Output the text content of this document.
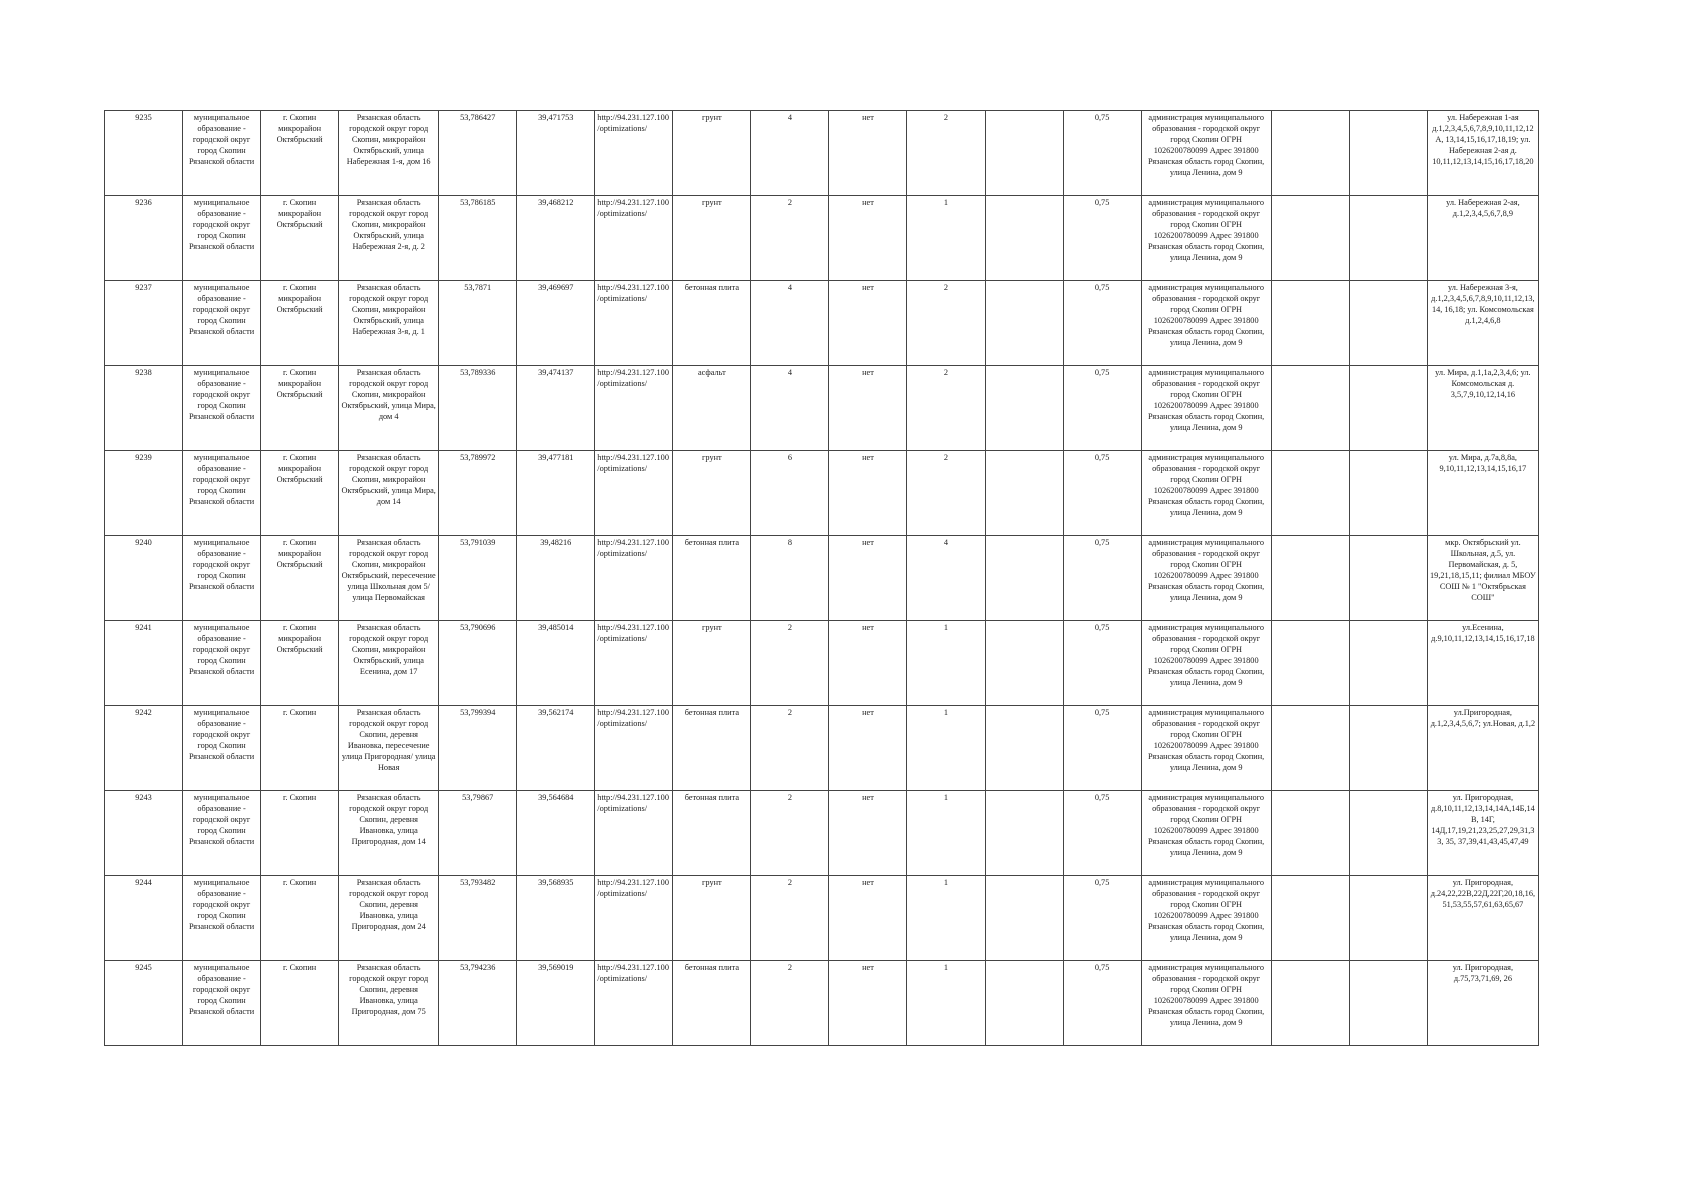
9235	муниципальное образование - городской округ город Скопин Рязанской области	г. Скопин микрорайон Октябрьский	Рязанская область городской округ город Скопин, микрорайон Октябрьский, улица Набережная 1-я, дом 16	53,786427	39,471753	http://94.231.127.100/optimizations/	грунт	4	нет	2		0,75	администрация муниципального образования - городской округ город Скопин ОГРН 1026200780099 Адрес 391800 Рязанская область город Скопин, улица Ленина, дом 9			ул. Набережная 1-ая д.1,2,3,4,5,6,7,8,9,10,11,12,12А, 13,14,15,16,17,18,19; ул. Набережная 2-ая д. 10,11,12,13,14,15,16,17,18,20
9236	муниципальное образование - городской округ город Скопин Рязанской области	г. Скопин микрорайон Октябрьский	Рязанская область городской округ город Скопин, микрорайон Октябрьский, улица Набережная 2-я, д. 2	53,786185	39,468212	http://94.231.127.100/optimizations/	грунт	2	нет	1		0,75	администрация муниципального образования - городской округ город Скопин ОГРН 1026200780099 Адрес 391800 Рязанская область город Скопин, улица Ленина, дом 9			ул. Набережная 2-ая, д.1,2,3,4,5,6,7,8,9
9237	муниципальное образование - городской округ город Скопин Рязанской области	г. Скопин микрорайон Октябрьский	Рязанская область городской округ город Скопин, микрорайон Октябрьский, улица Набережная 3-я, д. 1	53,7871	39,469697	http://94.231.127.100/optimizations/	бетонная плита	4	нет	2		0,75	администрация муниципального образования - городской округ город Скопин ОГРН 1026200780099 Адрес 391800 Рязанская область город Скопин, улица Ленина, дом 9			ул. Набережная 3-я, д.1,2,3,4,5,6,7,8,9,10,11,12,13,14, 16,18; ул. Комсомольская д.1,2,4,6,8
9238	муниципальное образование - городской округ город Скопин Рязанской области	г. Скопин микрорайон Октябрьский	Рязанская область городской округ город Скопин, микрорайон Октябрьский, улица Мира, дом 4	53,789336	39,474137	http://94.231.127.100/optimizations/	асфальт	4	нет	2		0,75	администрация муниципального образования - городской округ город Скопин ОГРН 1026200780099 Адрес 391800 Рязанская область город Скопин, улица Ленина, дом 9			ул. Мира, д.1,1а,2,3,4,6; ул. Комсомольская д. 3,5,7,9,10,12,14,16
9239	муниципальное образование - городской округ город Скопин Рязанской области	г. Скопин микрорайон Октябрьский	Рязанская область городской округ город Скопин, микрорайон Октябрьский, улица Мира, дом 14	53,789972	39,477181	http://94.231.127.100/optimizations/	грунт	6	нет	2		0,75	администрация муниципального образования - городской округ город Скопин ОГРН 1026200780099 Адрес 391800 Рязанская область город Скопин, улица Ленина, дом 9			ул. Мира, д.7а,8,8а, 9,10,11,12,13,14,15,16,17
9240	муниципальное образование - городской округ город Скопин Рязанской области	г. Скопин микрорайон Октябрьский	Рязанская область городской округ город Скопин, микрорайон Октябрьский, пересечение улица Школьная дом 5/ улица Первомайская	53,791039	39,48216	http://94.231.127.100/optimizations/	бетонная плита	8	нет	4		0,75	администрация муниципального образования - городской округ город Скопин ОГРН 1026200780099 Адрес 391800 Рязанская область город Скопин, улица Ленина, дом 9			мкр. Октябрьский ул. Школьная, д.5, ул. Первомайская, д. 5, 19,21,18,15,11; филиал МБОУ СОШ № 1 "Октябрьская СОШ"
9241	муниципальное образование - городской округ город Скопин Рязанской области	г. Скопин микрорайон Октябрьский	Рязанская область городской округ город Скопин, микрорайон Октябрьский, улица Есенина, дом 17	53,790696	39,485014	http://94.231.127.100/optimizations/	грунт	2	нет	1		0,75	администрация муниципального образования - городской округ город Скопин ОГРН 1026200780099 Адрес 391800 Рязанская область город Скопин, улица Ленина, дом 9			ул.Есенина, д.9,10,11,12,13,14,15,16,17,18
9242	муниципальное образование - городской округ город Скопин Рязанской области	г. Скопин	Рязанская область городской округ город Скопин, деревня Ивановка, пересечение улица Пригородная/ улица Новая	53,799394	39,562174	http://94.231.127.100/optimizations/	бетонная плита	2	нет	1		0,75	администрация муниципального образования - городской округ город Скопин ОГРН 1026200780099 Адрес 391800 Рязанская область город Скопин, улица Ленина, дом 9			ул.Пригородная, д.1,2,3,4,5,6,7; ул.Новая, д.1,2
9243	муниципальное образование - городской округ город Скопин Рязанской области	г. Скопин	Рязанская область городской округ город Скопин, деревня Ивановка, улица Пригородная, дом 14	53,79867	39,564684	http://94.231.127.100/optimizations/	бетонная плита	2	нет	1		0,75	администрация муниципального образования - городской округ город Скопин ОГРН 1026200780099 Адрес 391800 Рязанская область город Скопин, улица Ленина, дом 9			ул. Пригородная, д.8,10,11,12,13,14,14А,14Б,14В, 14Г, 14Д,17,19,21,23,25,27,29,31,33, 35, 37,39,41,43,45,47,49
9244	муниципальное образование - городской округ город Скопин Рязанской области	г. Скопин	Рязанская область городской округ город Скопин, деревня Ивановка, улица Пригородная, дом 24	53,793482	39,568935	http://94.231.127.100/optimizations/	грунт	2	нет	1		0,75	администрация муниципального образования - городской округ город Скопин ОГРН 1026200780099 Адрес 391800 Рязанская область город Скопин, улица Ленина, дом 9			ул. Пригородная, д.24,22,22В,22Д,22Г,20,18,16,51,53,55,57,61,63,65,67
9245	муниципальное образование - городской округ город Скопин Рязанской области	г. Скопин	Рязанская область городской округ город Скопин, деревня Ивановка, улица Пригородная, дом 75	53,794236	39,569019	http://94.231.127.100/optimizations/	бетонная плита	2	нет	1		0,75	администрация муниципального образования - городской округ город Скопин ОГРН 1026200780099 Адрес 391800 Рязанская область город Скопин, улица Ленина, дом 9			ул. Пригородная, д.75,73,71,69, 26
